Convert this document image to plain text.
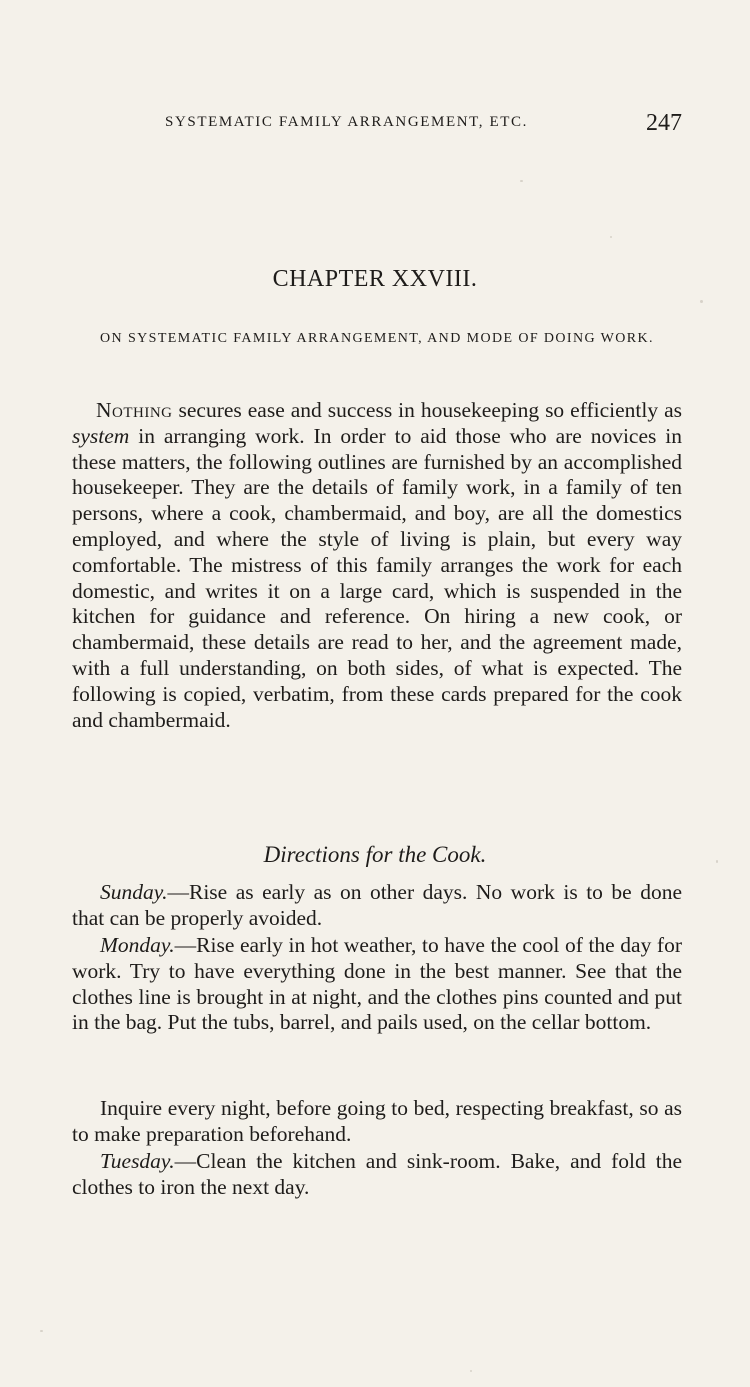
SYSTEMATIC FAMILY ARRANGEMENT, ETC.	247
CHAPTER XXVIII.
ON SYSTEMATIC FAMILY ARRANGEMENT, AND MODE OF DOING WORK.

Nothing secures ease and success in housekeeping so efficiently as system in arranging work. In order to aid those who are novices in these matters, the following outlines are furnished by an accomplished housekeeper. They are the details of family work, in a family of ten persons, where a cook, chambermaid, and boy, are all the domestics employed, and where the style of living is plain, but every way comfortable. The mistress of this family arranges the work for each domestic, and writes it on a large card, which is suspended in the kitchen for guidance and reference. On hiring a new cook, or chambermaid, these details are read to her, and the agreement made, with a full understanding, on both sides, of what is expected. The following is copied, verbatim, from these cards prepared for the cook and chambermaid.

Directions for the Cook.

Sunday.—Rise as early as on other days. No work is to be done that can be properly avoided.

Monday.—Rise early in hot weather, to have the cool of the day for work. Try to have everything done in the best manner. See that the clothes line is brought in at night, and the clothes pins counted and put in the bag. Put the tubs, barrel, and pails used, on the cellar bottom.

Inquire every night, before going to bed, respecting breakfast, so as to make preparation beforehand.

Tuesday.—Clean the kitchen and sink-room. Bake, and fold the clothes to iron the next day.
